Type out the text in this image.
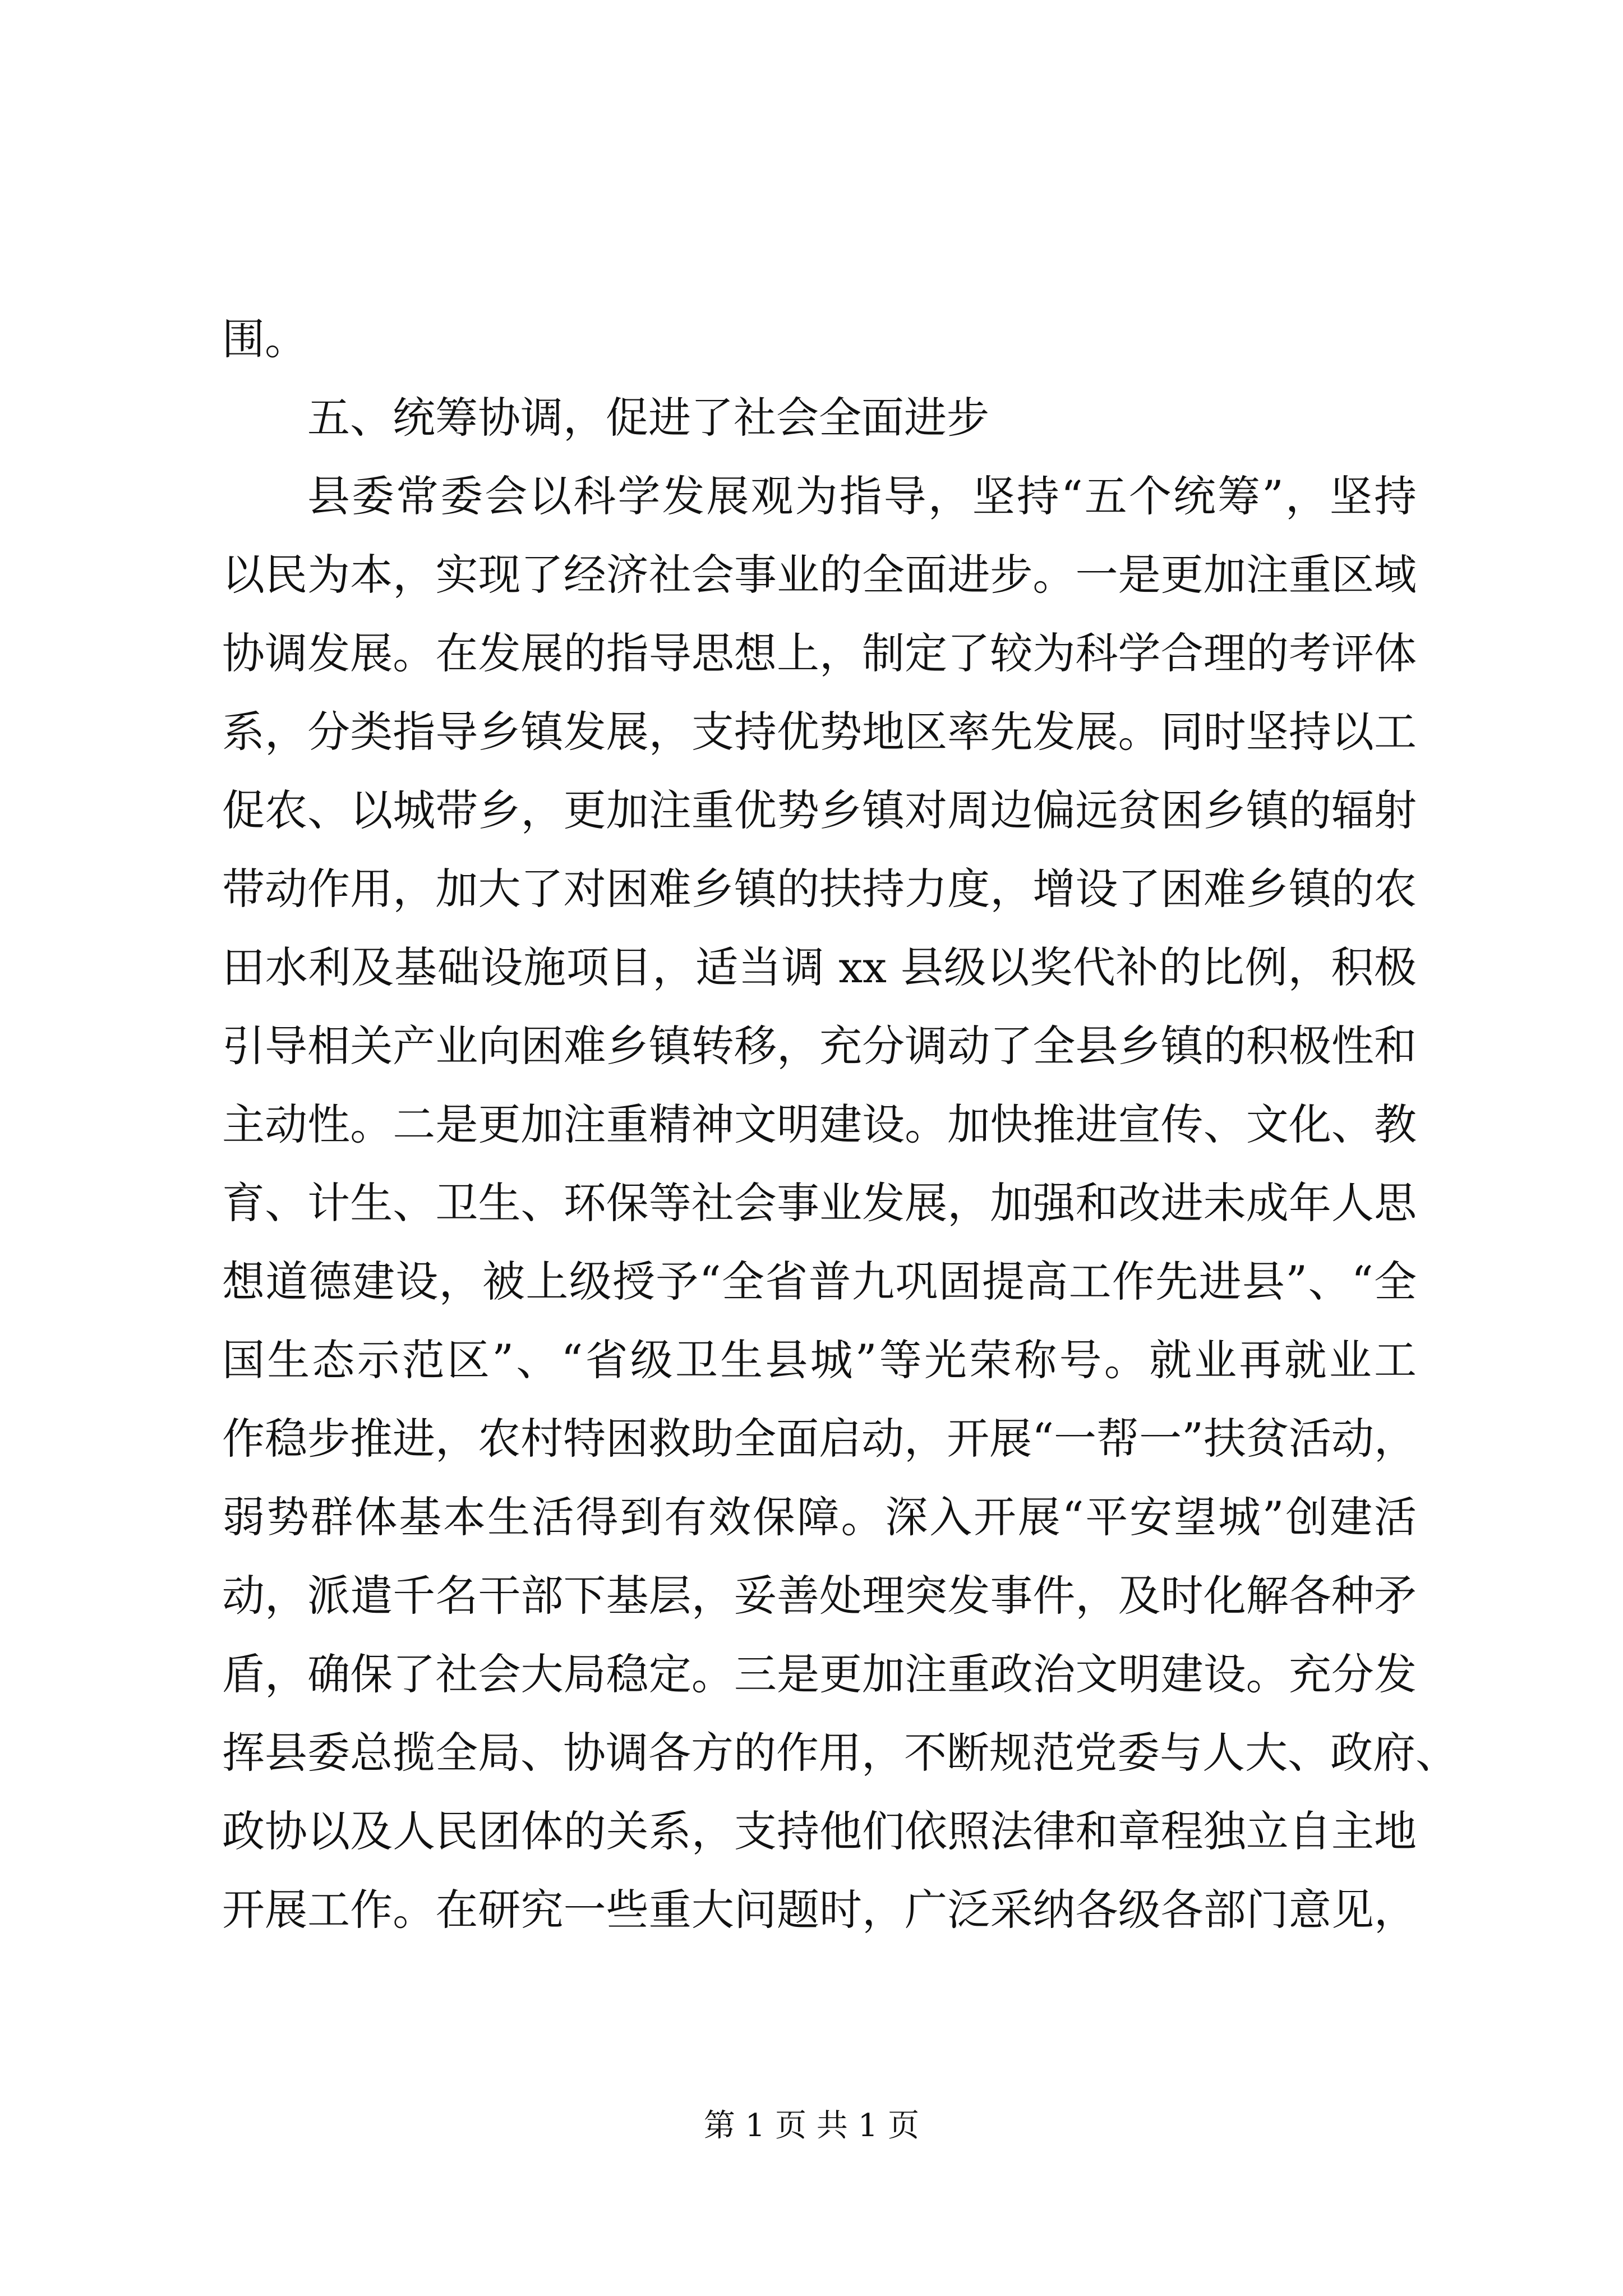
围。
五、统筹协调，促进了社会全面进步
县委常委会以科学发展观为指导，坚持“五个统筹”，坚持
以民为本，实现了经济社会事业的全面进步。一是更加注重区域
协调发展。在发展的指导思想上，制定了较为科学合理的考评体
系，分类指导乡镇发展，支持优势地区率先发展。同时坚持以工
促农、以城带乡，更加注重优势乡镇对周边偏远贫困乡镇的辐射
带动作用，加大了对困难乡镇的扶持力度，增设了困难乡镇的农
田水利及基础设施项目，适当调 xx 县级以奖代补的比例，积极
引导相关产业向困难乡镇转移，充分调动了全县乡镇的积极性和
主动性。二是更加注重精神文明建设。加快推进宣传、文化、教
育、计生、卫生、环保等社会事业发展，加强和改进未成年人思
想道德建设，被上级授予“全省普九巩固提高工作先进县”、“全
国生态示范区”、“省级卫生县城”等光荣称号。就业再就业工
作稳步推进，农村特困救助全面启动，开展“一帮一”扶贫活动，
弱势群体基本生活得到有效保障。深入开展“平安望城”创建活
动，派遣千名干部下基层，妥善处理突发事件，及时化解各种矛
盾，确保了社会大局稳定。三是更加注重政治文明建设。充分发
挥县委总揽全局、协调各方的作用，不断规范党委与人大、政府、
政协以及人民团体的关系，支持他们依照法律和章程独立自主地
开展工作。在研究一些重大问题时，广泛采纳各级各部门意见，
第 1 页 共 1 页
